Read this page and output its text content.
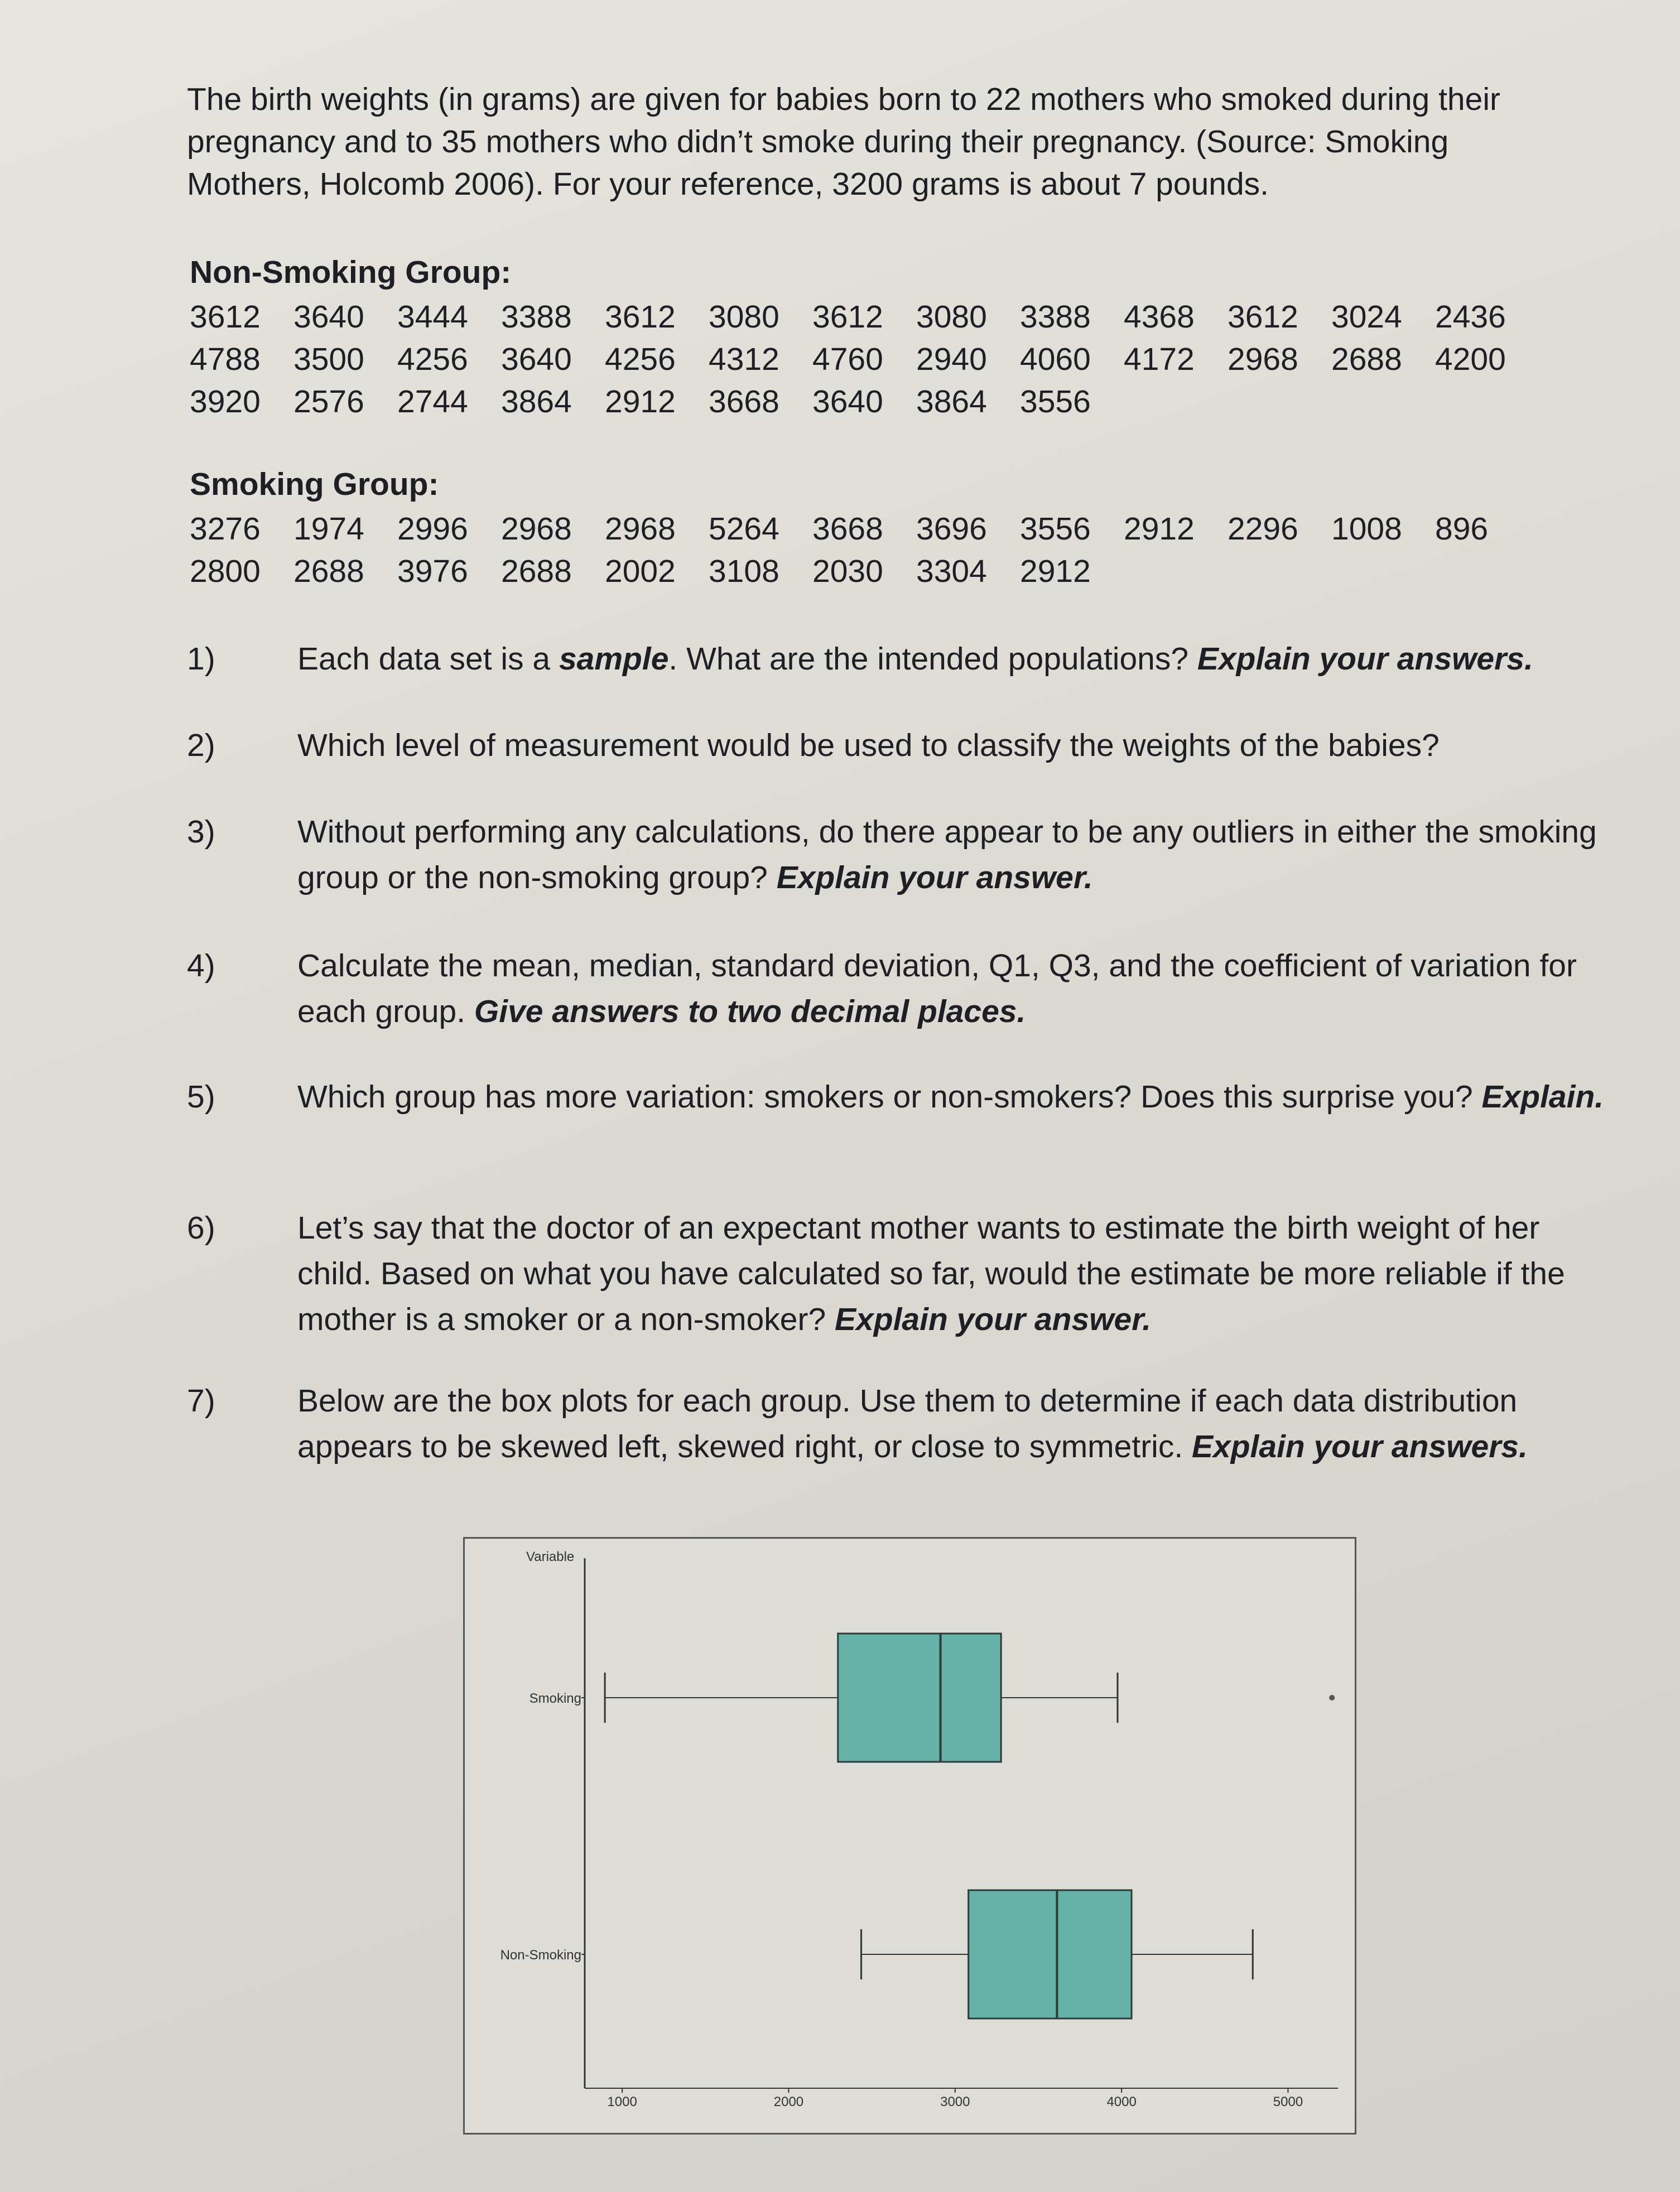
The birth weights (in grams) are given for babies born to 22 mothers who smoked during their pregnancy and to 35 mothers who didn’t smoke during their pregnancy. (Source: Smoking Mothers, Holcomb 2006). For your reference, 3200 grams is about 7 pounds.
Non-Smoking Group:
3612 3640 3444 3388 3612 3080 3612 3080 3388 4368 3612 3024 2436
4788 3500 4256 3640 4256 4312 4760 2940 4060 4172 2968 2688 4200
3920 2576 2744 3864 2912 3668 3640 3864 3556
Smoking Group:
3276 1974 2996 2968 2968 5264 3668 3696 3556 2912 2296 1008 896
2800 2688 3976 2688 2002 3108 2030 3304 2912
1)	Each data set is a sample. What are the intended populations? Explain your answers.
2)	Which level of measurement would be used to classify the weights of the babies?
3)	Without performing any calculations, do there appear to be any outliers in either the smoking group or the non-smoking group? Explain your answer.
4)	Calculate the mean, median, standard deviation, Q1, Q3, and the coefficient of variation for each group. Give answers to two decimal places.
5)	Which group has more variation: smokers or non-smokers? Does this surprise you? Explain.
6)	Let’s say that the doctor of an expectant mother wants to estimate the birth weight of her child. Based on what you have calculated so far, would the estimate be more reliable if the mother is a smoker or a non-smoker? Explain your answer.
7)	Below are the box plots for each group. Use them to determine if each data distribution appears to be skewed left, skewed right, or close to symmetric. Explain your answers.
Variable
1000	2000	3000	4000	5000
Smoking
Non-Smoking
